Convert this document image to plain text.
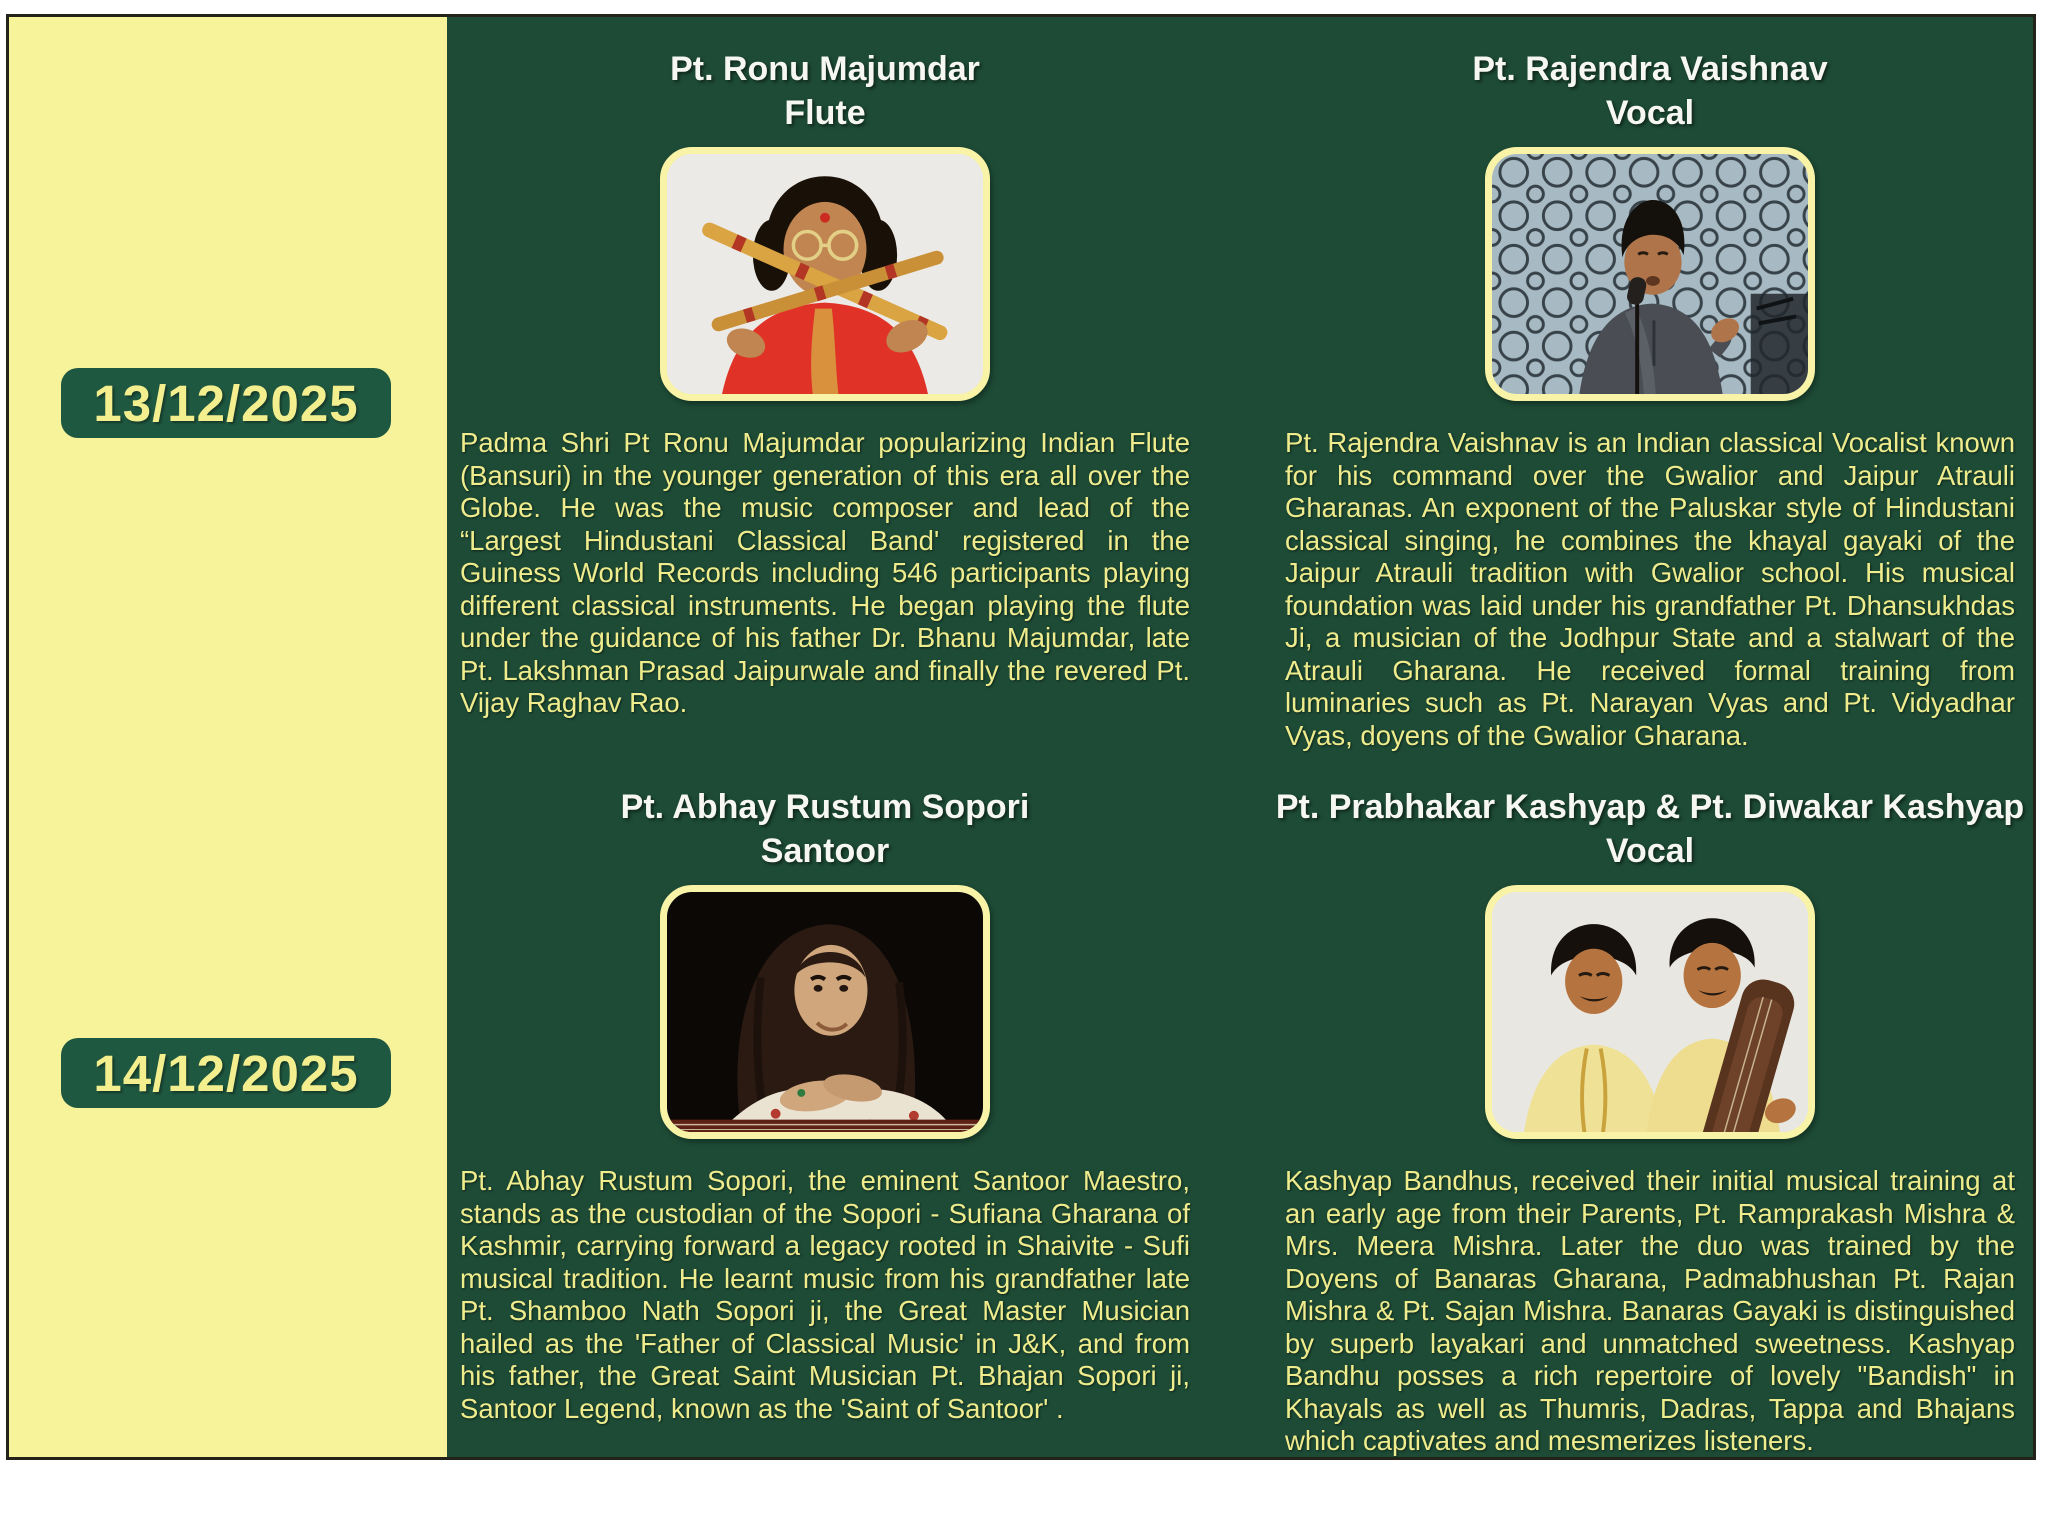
13/12/2025
14/12/2025
Pt. Ronu Majumdar
Flute

Padma Shri Pt Ronu Majumdar popularizing Indian Flute (Bansuri) in the younger generation of this era all over the Globe. He was the music composer and lead of the “Largest Hindustani Classical Band' registered in the Guiness World Records including 546 participants playing different classical instruments. He began playing the flute under the guidance of his father Dr. Bhanu Majumdar, late Pt. Lakshman Prasad Jaipurwale and finally the revered Pt. Vijay Raghav Rao.

Pt. Rajendra Vaishnav
Vocal

Pt. Rajendra Vaishnav is an Indian classical Vocalist known for his command over the Gwalior and Jaipur Atrauli Gharanas. An exponent of the Paluskar style of Hindustani classical singing, he combines the khayal gayaki of the Jaipur Atrauli tradition with Gwalior school. His musical foundation was laid under his grandfather Pt. Dhansukhdas Ji, a musician of the Jodhpur State and a stalwart of the Atrauli Gharana. He received formal training from luminaries such as Pt. Narayan Vyas and Pt. Vidyadhar Vyas, doyens of the Gwalior Gharana.

Pt. Abhay Rustum Sopori
Santoor

Pt. Abhay Rustum Sopori, the eminent Santoor Maestro, stands as the custodian of the Sopori - Sufiana Gharana of Kashmir, carrying forward a legacy rooted in Shaivite - Sufi musical tradition. He learnt music from his grandfather late Pt. Shamboo Nath Sopori ji, the Great Master Musician hailed as the 'Father of Classical Music' in J&K, and from his father, the Great Saint Musician Pt. Bhajan Sopori ji, Santoor Legend, known as the 'Saint of Santoor' .

Pt. Prabhakar Kashyap & Pt. Diwakar Kashyap
Vocal

Kashyap Bandhus, received their initial musical training at an early age from their Parents, Pt. Ramprakash Mishra & Mrs. Meera Mishra. Later the duo was trained by the Doyens of Banaras Gharana, Padmabhushan Pt. Rajan Mishra & Pt. Sajan Mishra. Banaras Gayaki is distinguished by superb layakari and unmatched sweetness. Kashyap Bandhu posses a rich repertoire of lovely "Bandish" in Khayals as well as Thumris, Dadras, Tappa and Bhajans which captivates and mesmerizes listeners.
